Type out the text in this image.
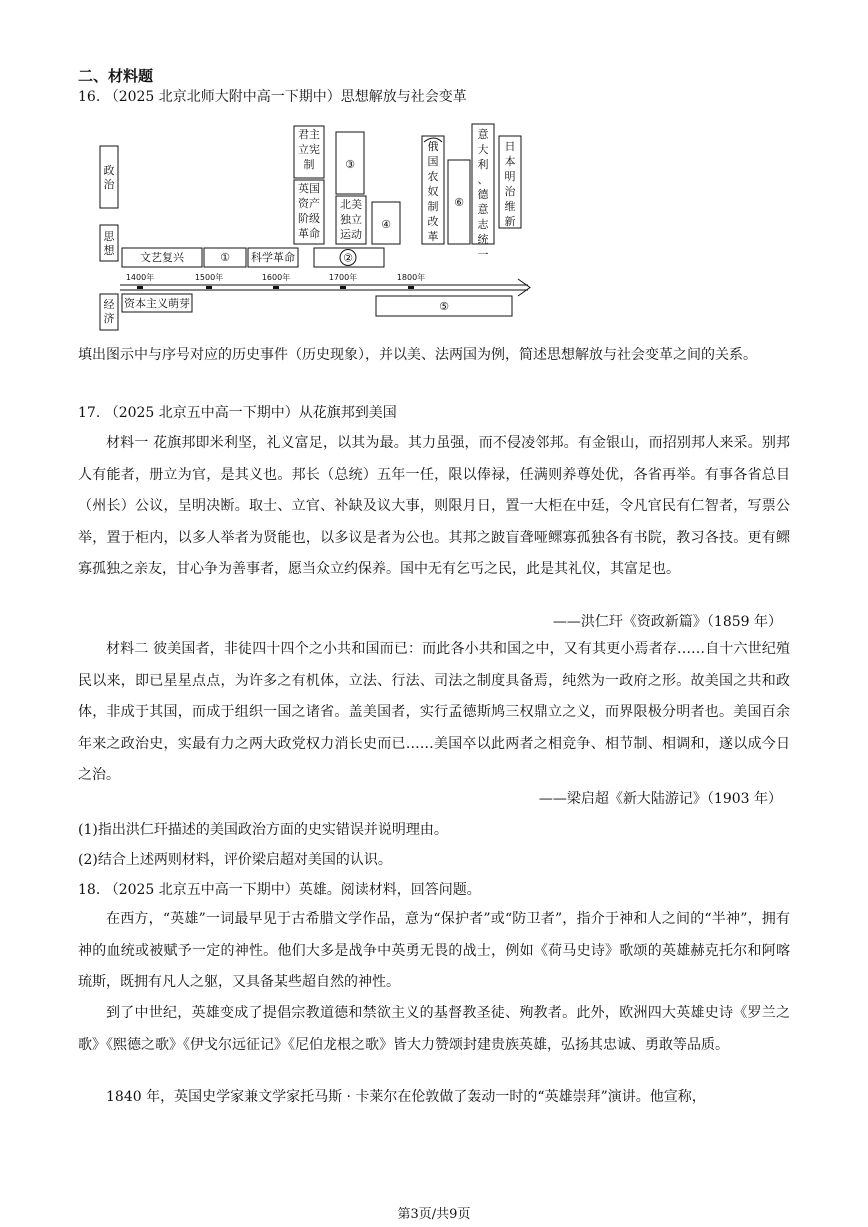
二、材料题
16. （2025 北京北师大附中高一下期中）思想解放与社会变革
政治
思想
经济
君主立宪制
英国资产阶级革命
③
北美独立运动
④
俄国农奴制改革
⑥
意大利、德意志统一
日本明治维新
文艺复兴	① 科学革命	②
资本主义萌芽	⑤
1400年	1500年	1600年	1700年	1800年
填出图示中与序号对应的历史事件（历史现象），并以美、法两国为例，简述思想解放与社会变革之间的关系。
17. （2025 北京五中高一下期中）从花旗邦到美国
材料一 花旗邦即米利坚，礼义富足，以其为最。其力虽强，而不侵凌邻邦。有金银山，而招别邦人来采。别邦人有能者，册立为官，是其义也。邦长（总统）五年一任，限以俸禄，任满则养尊处优，各省再举。有事各省总目（州长）公议，呈明决断。取士、立官、补缺及议大事，则限月日，置一大柜在中廷，令凡官民有仁智者，写票公举，置于柜内，以多人举者为贤能也，以多议是者为公也。其邦之跛盲聋哑鳏寡孤独各有书院，教习各技。更有鳏寡孤独之亲友，甘心争为善事者，愿当众立约保养。国中无有乞丐之民，此是其礼仪，其富足也。
——洪仁玕《资政新篇》（1859 年）
材料二 彼美国者，非徒四十四个之小共和国而已：而此各小共和国之中，又有其更小焉者存……自十六世纪殖民以来，即已星星点点，为许多之有机体，立法、行法、司法之制度具备焉，纯然为一政府之形。故美国之共和政体，非成于其国，而成于组织一国之诸省。盖美国者，实行孟德斯鸠三权鼎立之义，而界限极分明者也。美国百余年来之政治史，实最有力之两大政党权力消长史而已……美国卒以此两者之相竞争、相节制、相调和，遂以成今日之治。
——梁启超《新大陆游记》（1903 年）
(1)指出洪仁玕描述的美国政治方面的史实错误并说明理由。
(2)结合上述两则材料，评价梁启超对美国的认识。
18. （2025 北京五中高一下期中）英雄。阅读材料，回答问题。
在西方，“英雄”一词最早见于古希腊文学作品，意为“保护者”或“防卫者”，指介于神和人之间的“半神”，拥有神的血统或被赋予一定的神性。他们大多是战争中英勇无畏的战士，例如《荷马史诗》歌颂的英雄赫克托尔和阿喀琉斯，既拥有凡人之躯，又具备某些超自然的神性。
到了中世纪，英雄变成了提倡宗教道德和禁欲主义的基督教圣徒、殉教者。此外，欧洲四大英雄史诗《罗兰之歌》《熙德之歌》《伊戈尔远征记》《尼伯龙根之歌》皆大力赞颂封建贵族英雄，弘扬其忠诚、勇敢等品质。
1840 年，英国史学家兼文学家托马斯 · 卡莱尔在伦敦做了轰动一时的“英雄崇拜”演讲。他宣称，
第3页/共9页
